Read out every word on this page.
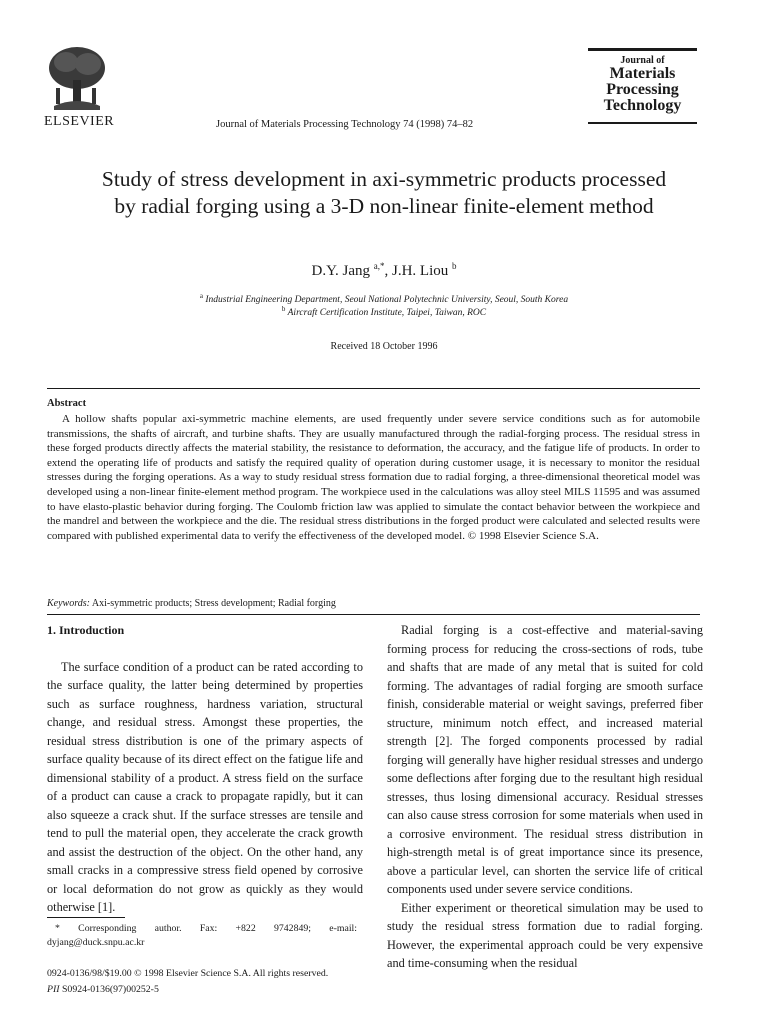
ELSEVIER	Journal of Materials Processing Technology 74 (1998) 74–82
Journal of
Materials
Processing
Technology
Study of stress development in axi-symmetric products processed
by radial forging using a 3-D non-linear finite-element method
D.Y. Jang $^{a,*}$, J.H. Liou $^b$
$^a$ Industrial Engineering Department, Seoul National Polytechnic University, Seoul, South Korea
$^b$ Aircraft Certification Institute, Taipei, Taiwan, ROC
Received 18 October 1996
Abstract

A hollow shafts popular axi-symmetric machine elements, are used frequently under severe service conditions such as for automobile transmissions, the shafts of aircraft, and turbine shafts. They are usually manufactured through the radial-forging process. The residual stress in these forged products directly affects the material stability, the resistance to deformation, the accuracy, and the fatigue life of products. In order to extend the operating life of products and satisfy the required quality of operation during customer usage, it is necessary to monitor the residual stresses during the forging operations. As a way to study residual stress formation due to radial forging, a three-dimensional theoretical model was developed using a non-linear finite-element method program. The workpiece used in the calculations was alloy steel MILS 11595 and was assumed to have elasto-plastic behavior during forging. The Coulomb friction law was applied to simulate the contact behavior between the workpiece and the mandrel and between the workpiece and the die. The residual stress distributions in the forged product were calculated and selected results were compared with published experimental data to verify the effectiveness of the developed model. © 1998 Elsevier Science S.A.

Keywords: Axi-symmetric products; Stress development; Radial forging
1. Introduction

The surface condition of a product can be rated according to the surface quality, the latter being determined by properties such as surface roughness, hardness variation, structural change, and residual stress. Amongst these properties, the residual stress distribution is one of the primary aspects of surface quality because of its direct effect on the fatigue life and dimensional stability of a product. A stress field on the surface of a product can cause a crack to propagate rapidly, but it can also squeeze a crack shut. If the surface stresses are tensile and tend to pull the material open, they accelerate the crack growth and assist the destruction of the object. On the other hand, any small cracks in a compressive stress field opened by corrosive or local deformation do not grow as quickly as they would otherwise [1].

Radial forging is a cost-effective and material-saving forming process for reducing the cross-sections of rods, tube and shafts that are made of any metal that is suited for cold forming. The advantages of radial forging are smooth surface finish, considerable material or weight savings, preferred fiber structure, minimum notch effect, and increased material strength [2]. The forged components processed by radial forging will generally have higher residual stresses and undergo some deflections after forging due to the resultant high residual stresses, thus losing dimensional accuracy. Residual stresses can also cause stress corrosion for some materials when used in a corrosive environment. The residual stress distribution in high-strength metal is of great importance since its presence, above a particular level, can shorten the service life of critical components used under severe service conditions.

Either experiment or theoretical simulation may be used to study the residual stress formation due to radial forging. However, the experimental approach could be very expensive and time-consuming when the residual

* Corresponding author. Fax: +822 9742849; e-mail: dyjang@duck.snpu.ac.kr

0924-0136/98/$19.00 © 1998 Elsevier Science S.A. All rights reserved.
PII S0924-0136(97)00252-5
